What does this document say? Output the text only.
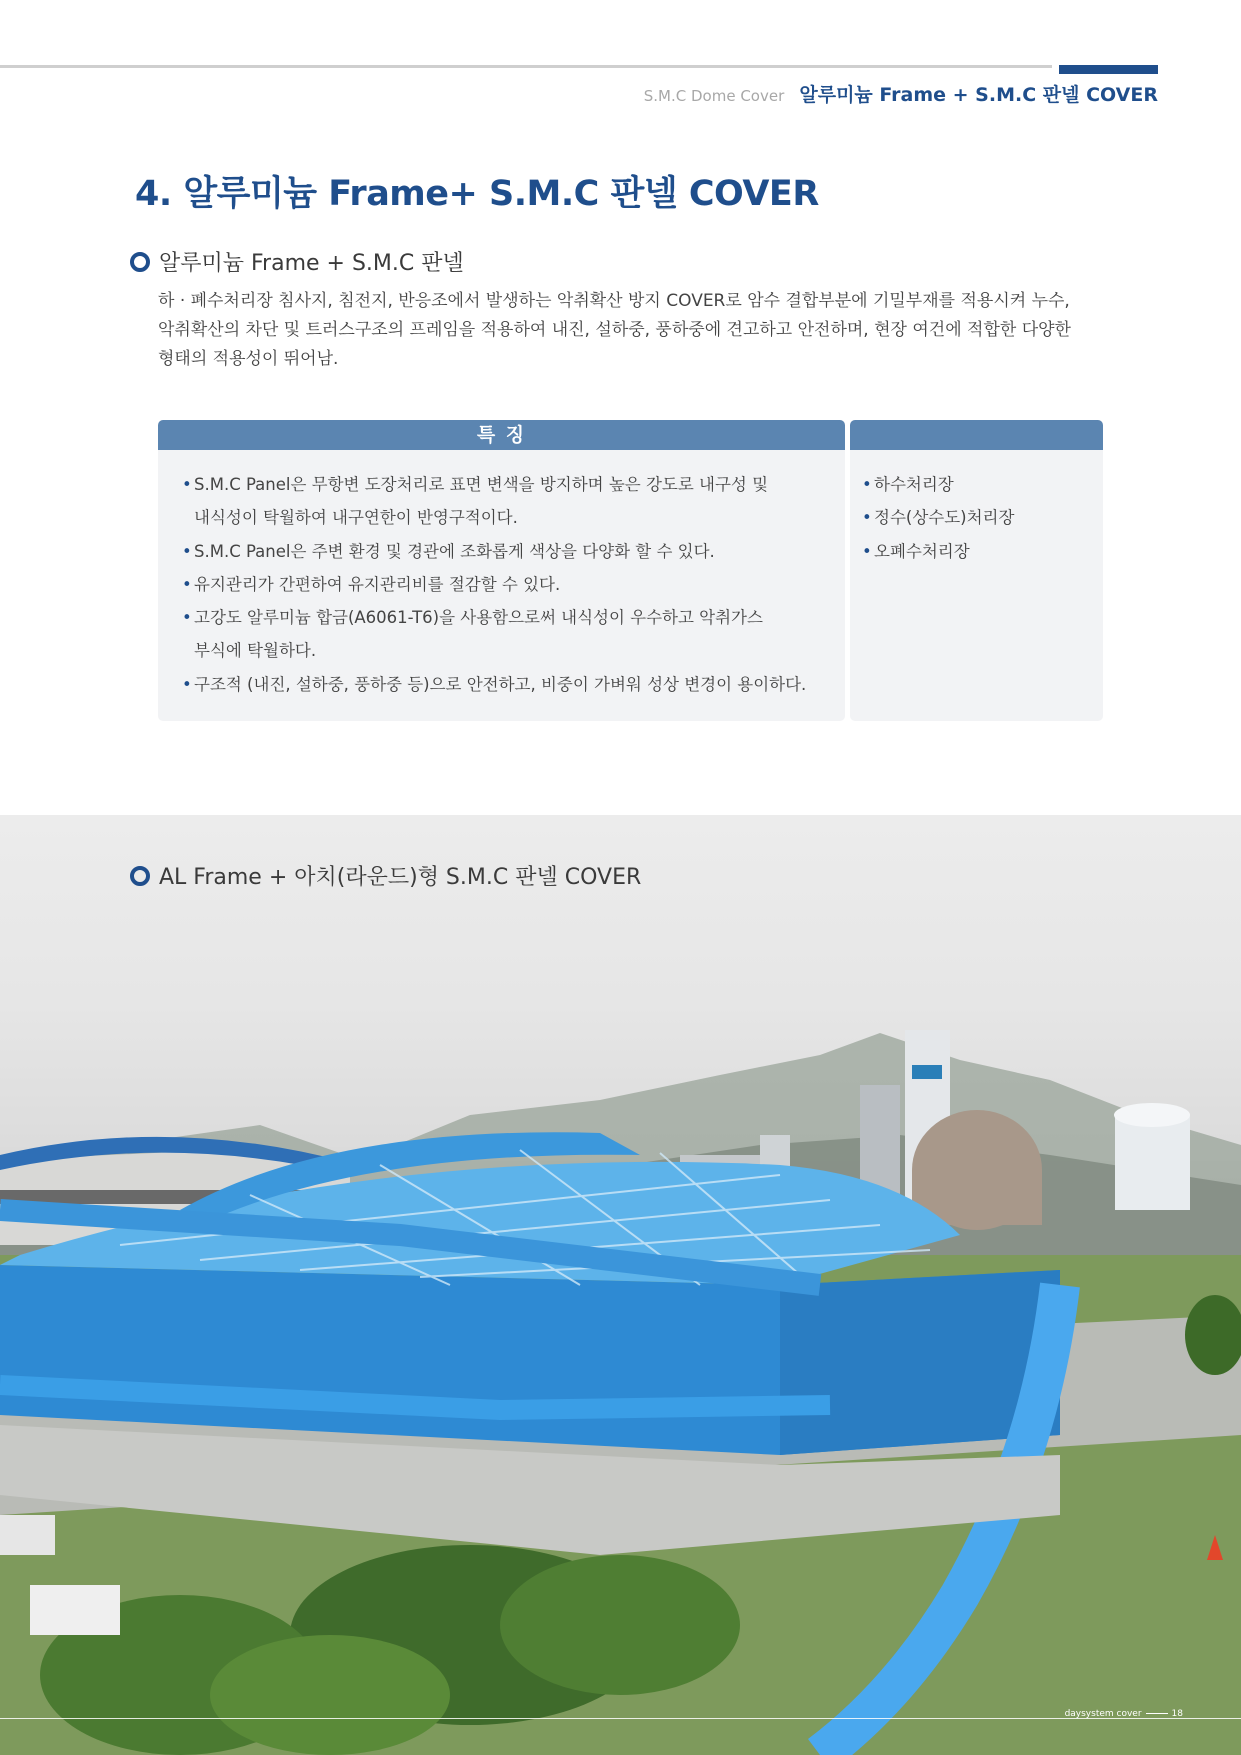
S.M.C Dome Cover 알루미늄 Frame + S.M.C 판넬 COVER
4. 알루미늄 Frame+ S.M.C 판넬 COVER
알루미늄 Frame + S.M.C 판넬

하 · 폐수처리장 침사지, 침전지, 반응조에서 발생하는 악취확산 방지 COVER로 암수 결합부분에 기밀부재를 적용시켜 누수,
악취확산의 차단 및 트러스구조의 프레임을 적용하여 내진, 설하중, 풍하중에 견고하고 안전하며, 현장 여건에 적합한 다양한
형태의 적용성이 뛰어남.

특 징
• S.M.C Panel은 무항변 도장처리로 표면 변색을 방지하며 높은 강도로 내구성 및
내식성이 탁월하여 내구연한이 반영구적이다.
• S.M.C Panel은 주변 환경 및 경관에 조화롭게 색상을 다양화 할 수 있다.
• 유지관리가 간편하여 유지관리비를 절감할 수 있다.
• 고강도 알루미늄 합금(A6061-T6)을 사용함으로써 내식성이 우수하고 악취가스
부식에 탁월하다.
• 구조적 (내진, 설하중, 풍하중 등)으로 안전하고, 비중이 가벼워 성상 변경이 용이하다.
• 하수처리장
• 정수(상수도)처리장
• 오폐수처리장
AL Frame + 아치(라운드)형 S.M.C 판넬 COVER
daysystem cover	18
